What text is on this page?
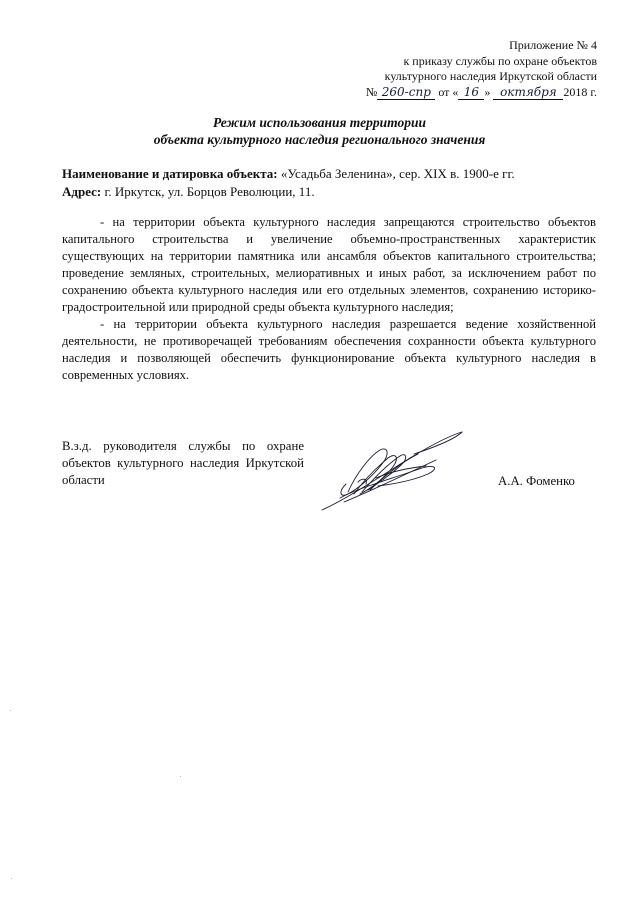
Приложение № 4
к приказу службы по охране объектов
культурного наследия Иркутской области
№ 260-спр от « 16 » октября 2018 г.
Режим использования территории
объекта культурного наследия регионального значения
Наименование и датировка объекта: «Усадьба Зеленина», сер. XIX в. 1900-е гг.
Адрес: г. Иркутск, ул. Борцов Революции, 11.

- на территории объекта культурного наследия запрещаются строительство объектов капитального строительства и увеличение объемно-пространственных характеристик существующих на территории памятника или ансамбля объектов капитального строительства; проведение земляных, строительных, мелиоративных и иных работ, за исключением работ по сохранению объекта культурного наследия или его отдельных элементов, сохранению историко-градостроительной или природной среды объекта культурного наследия;

- на территории объекта культурного наследия разрешается ведение хозяйственной деятельности, не противоречащей требованиям обеспечения сохранности объекта культурного наследия и позволяющей обеспечить функционирование объекта культурного наследия в современных условиях.

В.з.д. руководителя службы по охране объектов культурного наследия Иркутской области	А.А. Фоменко
